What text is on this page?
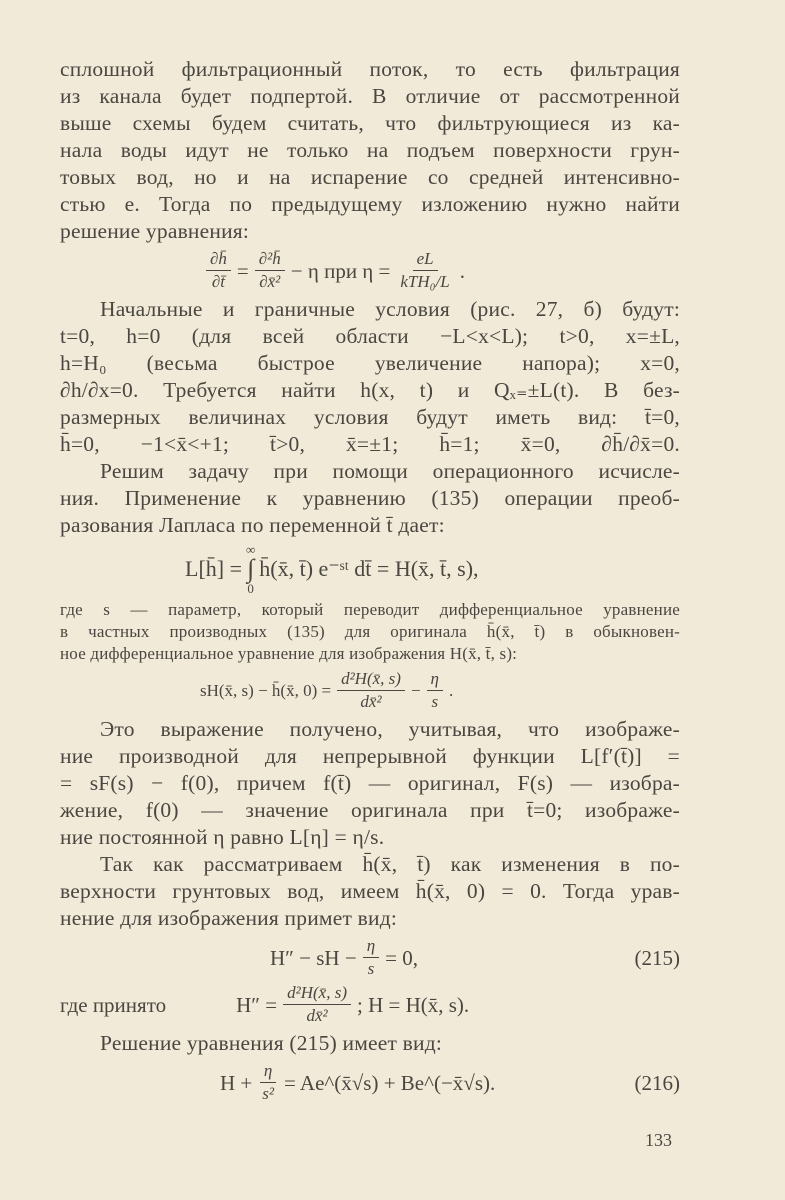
сплошной фильтрационный поток, то есть фильтрация
из канала будет подпертой. В отличие от рассмотренной
выше схемы будем считать, что фильтрующиеся из ка-
нала воды идут не только на подъем поверхности грун-
товых вод, но и на испарение со средней интенсивно-
стью e. Тогда по предыдущему изложению нужно найти
решение уравнения:
$\frac{\partial h̄}{\partial t̄} = \frac{\text{∂²h̄}}{\text{∂x̄²}} - \eta$ при $\eta = \frac{eL}{\text{kTH₀/L}}$ .
Начальные и граничные условия (рис. 27, б) будут:
t=0, h=0 (для всей области −L<x<L); t>0, x=±L,
h=H₀ (весьма быстрое увеличение напора); x=0,
∂h/∂x=0. Требуется найти h(x, t) и Qₓ₌±L(t). В без-
размерных величинах условия будут иметь вид: t̄=0,
h̄=0, −1<x̄<+1; t̄>0, x̄=±1; h̄=1; x̄=0, ∂h̄/∂x̄=0.
Решим задачу при помощи операционного исчисле-
ния. Применение к уравнению (135) операции преоб-
разования Лапласа по переменной t̄ дает:
L[h̄] =
∞
∫
0
h̄(x̄, t̄) e⁻ˢᵗ dt̄ = H(x̄, t̄, s),
где s — параметр, который переводит дифференциальное уравнение
в частных производных (135) для оригинала h̄(x̄, t̄) в обыкновен-
ное дифференциальное уравнение для изображения H(x̄, t̄, s):
sH(x̄, s) − h̄(x̄, $0) = \frac{\text{d²H(x̄, s)}}{\text{dx̄²}} - \frac{\eta}{s}$ .
Это выражение получено, учитывая, что изображе-
ние производной для непрерывной функции L[f′(t̄)] =
= sF(s) − f(0), причем f(t̄) — оригинал, F(s) — изобра-
жение, f(0) — значение оригинала при t̄=0; изображе-
ние постоянной η равно L[η] = η/s.
Так как рассматриваем h̄(x̄, t̄) как изменения в по-
верхности грунтовых вод, имеем h̄(x̄, 0) = 0. Тогда урав-
нение для изображения примет вид:
H″ − sH − $\frac{\eta}{s} = 0$,	(215)
где принято	$H'' = \frac{\text{d²H(x̄, s)}}{\text{dx̄²}}$ ; H = H(x̄, s).
Решение уравнения (215) имеет вид:
$H + \frac{\eta}{\text{s²}}$ = Ae^(x̄√s) + Be^(−x̄√s).	(216)
133
